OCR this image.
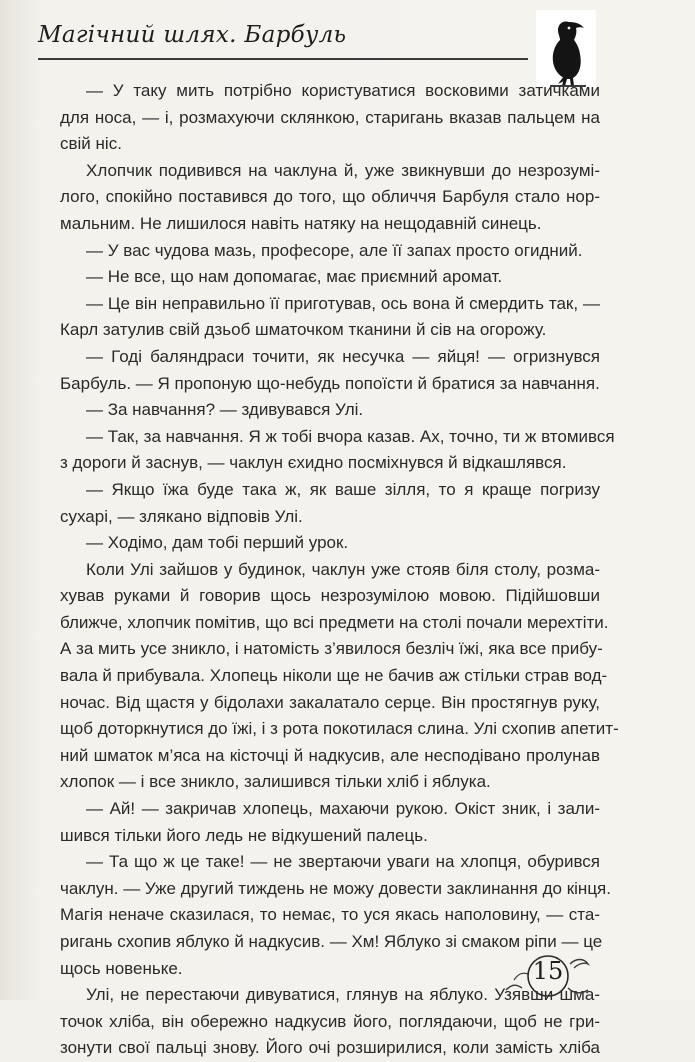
Магічний шлях. Барбуль
— У таку мить потрібно користуватися восковими затичками
для носа, — і, розмахуючи склянкою, старигань вказав пальцем на
свій ніс.
Хлопчик подивився на чаклуна й, уже звикнувши до незрозумі-
лого, спокійно поставився до того, що обличчя Барбуля стало нор-
мальним. Не лишилося навіть натяку на нещодавній синець.
— У вас чудова мазь, професоре, але її запах просто огидний.
— Не все, що нам допомагає, має приємний аромат.
— Це він неправильно її приготував, ось вона й смердить так, —
Карл затулив свій дзьоб шматочком тканини й сів на огорожу.
— Годі баляндраси точити, як несучка — яйця! — огризнувся
Барбуль. — Я пропоную що-небудь попоїсти й братися за навчання.
— За навчання? — здивувався Улі.
— Так, за навчання. Я ж тобі вчора казав. Ах, точно, ти ж втомився
з дороги й заснув, — чаклун єхидно посміхнувся й відкашлявся.
— Якщо їжа буде така ж, як ваше зілля, то я краще погризу
сухарі, — злякано відповів Улі.
— Ходімо, дам тобі перший урок.
Коли Улі зайшов у будинок, чаклун уже стояв біля столу, розма-
хував руками й говорив щось незрозумілою мовою. Підійшовши
ближче, хлопчик помітив, що всі предмети на столі почали мерехтіти.
А за мить усе зникло, і натомість з’явилося безліч їжі, яка все прибу-
вала й прибувала. Хлопець ніколи ще не бачив аж стільки страв вод-
ночас. Від щастя у бідолахи закалатало серце. Він простягнув руку,
щоб доторкнутися до їжі, і з рота покотилася слина. Улі схопив апетит-
ний шматок м’яса на кісточці й надкусив, але несподівано пролунав
хлопок — і все зникло, залишився тільки хліб і яблука.
— Ай! — закричав хлопець, махаючи рукою. Окіст зник, і зали-
шився тільки його ледь не відкушений палець.
— Та що ж це таке! — не звертаючи уваги на хлопця, обурився
чаклун. — Уже другий тиждень не можу довести заклинання до кінця.
Магія неначе сказилася, то немає, то уся якась наполовину, — ста-
ригань схопив яблуко й надкусив. — Хм! Яблуко зі смаком ріпи — це
щось новеньке.
Улі, не перестаючи дивуватися, глянув на яблуко. Узявши шма-
точок хліба, він обережно надкусив його, поглядаючи, щоб не гри-
зонути свої пальці знову. Його очі розширилися, коли замість хліба
15
